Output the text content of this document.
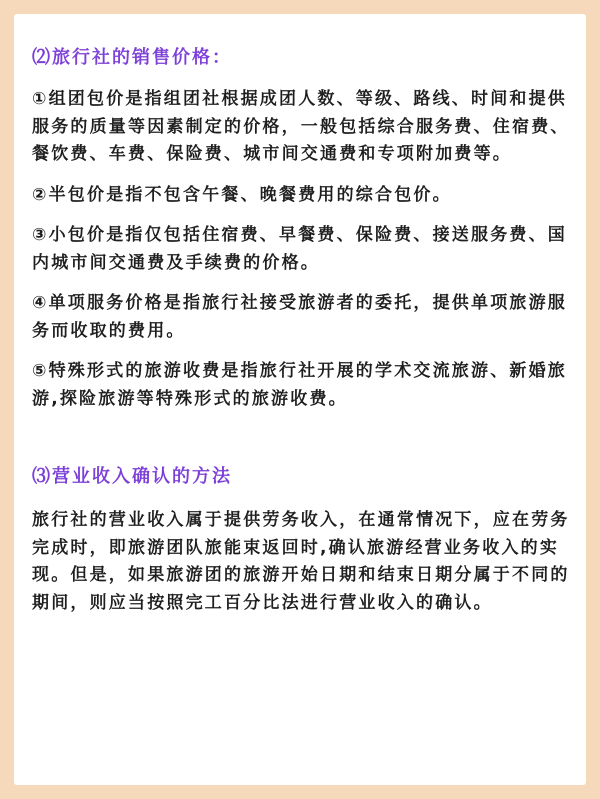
⑵旅行社的销售价格：

①组团包价是指组团社根据成团人数、等级、路线、时间和提供服务的质量等因素制定的价格，一般包括综合服务费、住宿费、餐饮费、车费、保险费、城市间交通费和专项附加费等。

②半包价是指不包含午餐、晚餐费用的综合包价。

③小包价是指仅包括住宿费、早餐费、保险费、接送服务费、国内城市间交通费及手续费的价格。

④单项服务价格是指旅行社接受旅游者的委托，提供单项旅游服务而收取的费用。

⑤特殊形式的旅游收费是指旅行社开展的学术交流旅游、新婚旅游,探险旅游等特殊形式的旅游收费。

⑶营业收入确认的方法

旅行社的营业收入属于提供劳务收入，在通常情况下，应在劳务完成时，即旅游团队旅能束返回时,确认旅游经营业务收入的实现。但是，如果旅游团的旅游开始日期和结束日期分属于不同的期间，则应当按照完工百分比法进行营业收入的确认。
